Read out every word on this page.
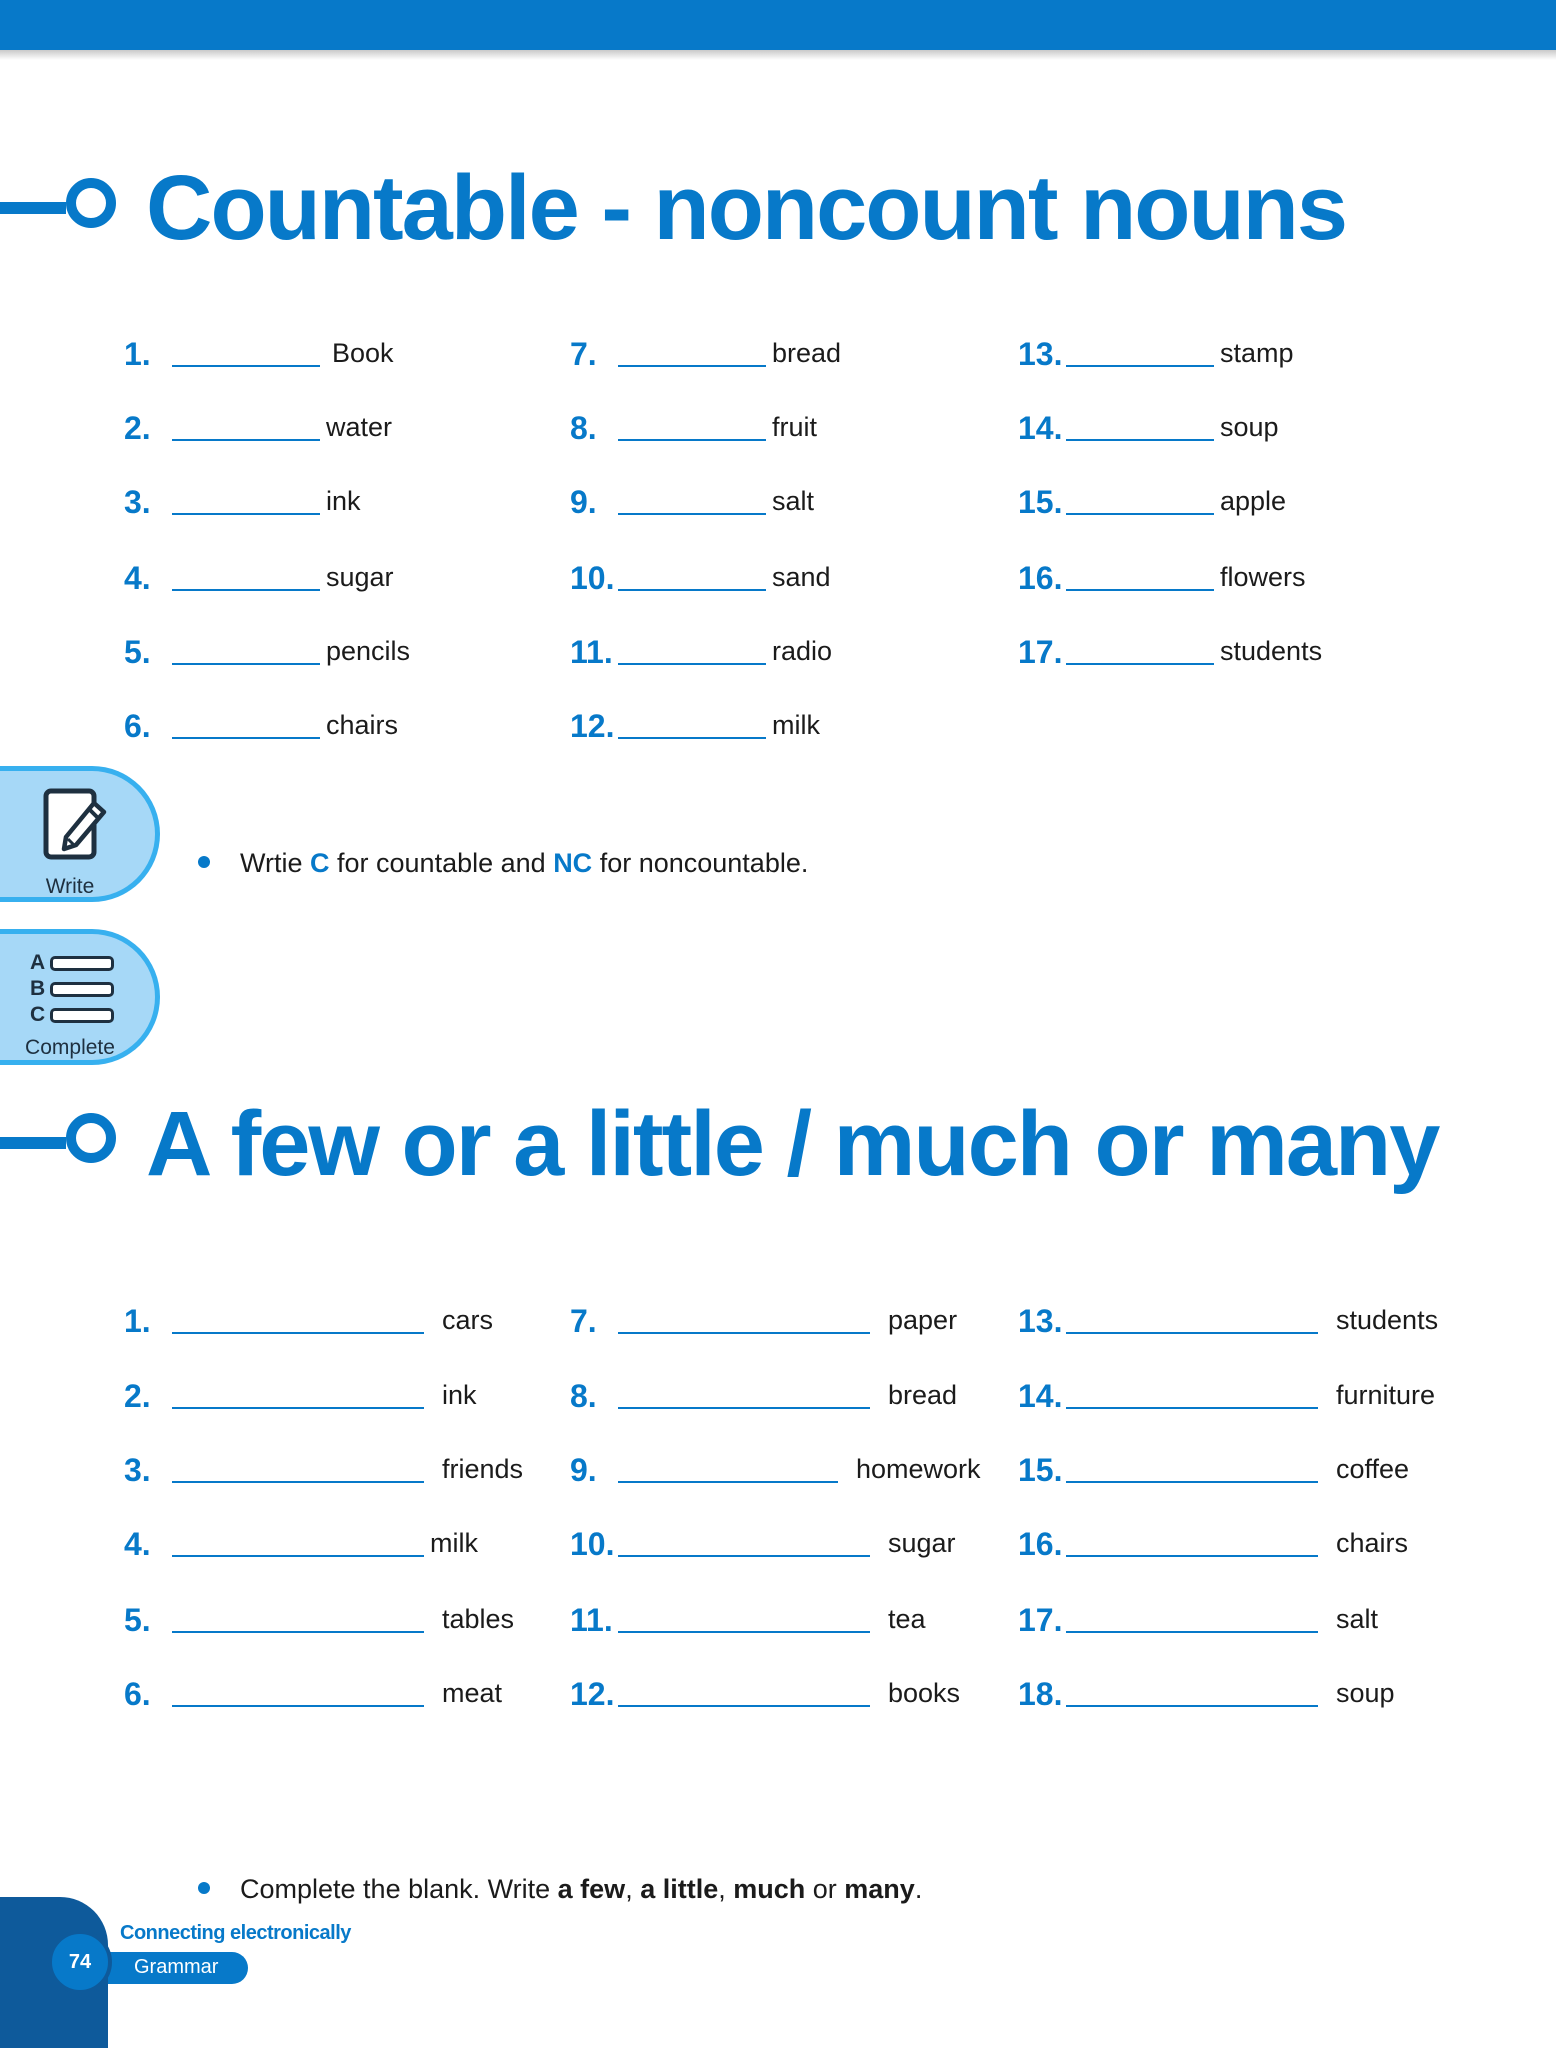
Countable - noncount nouns
1.	Book
2.	water
3.	ink
4.	sugar
5.	pencils
6.	chairs
7.	bread
8.	fruit
9.	salt
10.	sand
11.	radio
12.	milk
13.	stamp
14.	soup
15.	apple
16.	flowers
17.	students
Write
A
B
C
Complete
Wrtie C for countable and NC for noncountable.
A few or a little / much or many
1.	cars
2.	ink
3.	friends
4.	milk
5.	tables
6.	meat
7.	paper
8.	bread
9.	homework
10.	sugar
11.	tea
12.	books
13.	students
14.	furniture
15.	coffee
16.	chairs
17.	salt
18.	soup
Complete the blank. Write a few, a little, much or many.
74
Connecting electronically
Grammar
